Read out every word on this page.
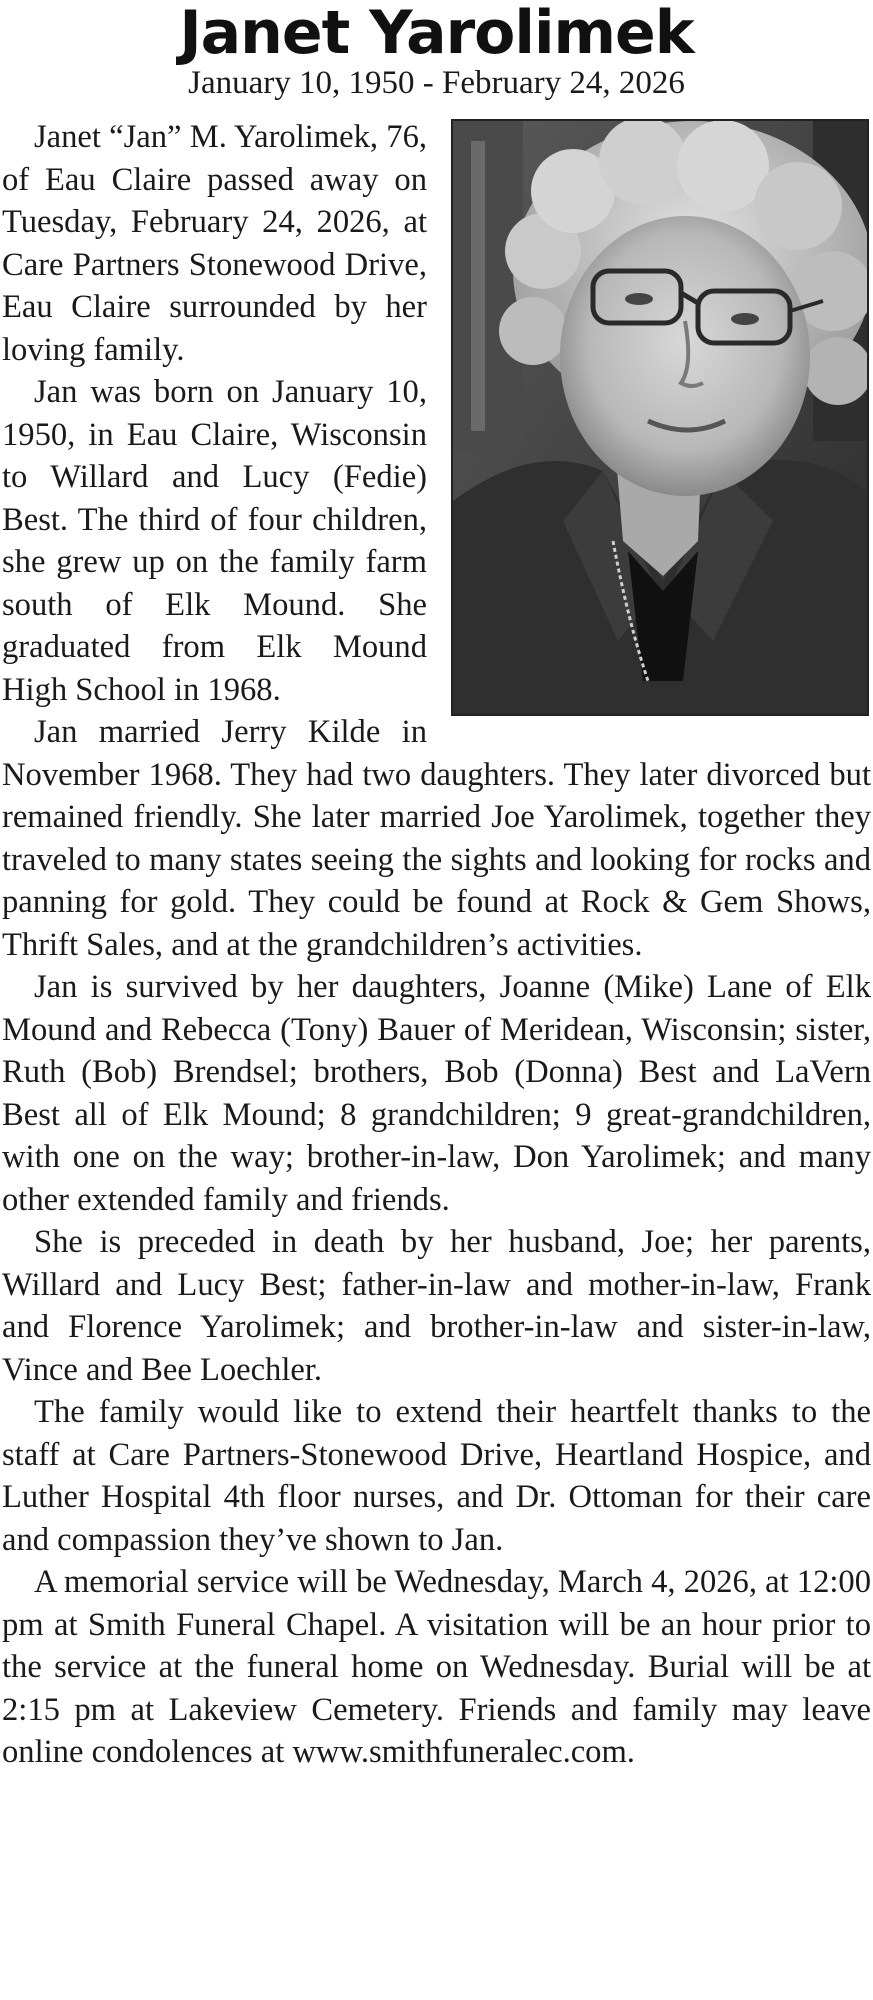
Janet Yarolimek
January 10, 1950 - February 24, 2026

Janet “Jan” M. Yarolimek, 76, of Eau Claire passed away on Tuesday, February 24, 2026, at Care Partners Stonewood Drive, Eau Claire surrounded by her loving family.

Jan was born on January 10, 1950, in Eau Claire, Wisconsin to Willard and Lucy (Fedie) Best. The third of four children, she grew up on the family farm south of Elk Mound. She graduated from Elk Mound High School in 1968.

Jan married Jerry Kilde in November 1968. They had two daughters. They later divorced but remained friendly. She later married Joe Yarolimek, together they traveled to many states seeing the sights and looking for rocks and panning for gold. They could be found at Rock & Gem Shows, Thrift Sales, and at the grandchildren’s activities.

Jan is survived by her daughters, Joanne (Mike) Lane of Elk Mound and Rebecca (Tony) Bauer of Meridean, Wisconsin; sister, Ruth (Bob) Brendsel; brothers, Bob (Donna) Best and LaVern Best all of Elk Mound; 8 grandchildren; 9 great-grandchildren, with one on the way; brother-in-law, Don Yarolimek; and many other extended family and friends.

She is preceded in death by her husband, Joe; her parents, Willard and Lucy Best; father-in-law and mother-in-law, Frank and Florence Yarolimek; and brother-in-law and sister-in-law, Vince and Bee Loechler.

The family would like to extend their heartfelt thanks to the staff at Care Partners-Stonewood Drive, Heartland Hospice, and Luther Hospital 4th floor nurses, and Dr. Ottoman for their care and compassion they’ve shown to Jan.

A memorial service will be Wednesday, March 4, 2026, at 12:00 pm at Smith Funeral Chapel. A visitation will be an hour prior to the service at the funeral home on Wednesday. Burial will be at 2:15 pm at Lakeview Cemetery. Friends and family may leave online condolences at www.smithfuneralec.com.
